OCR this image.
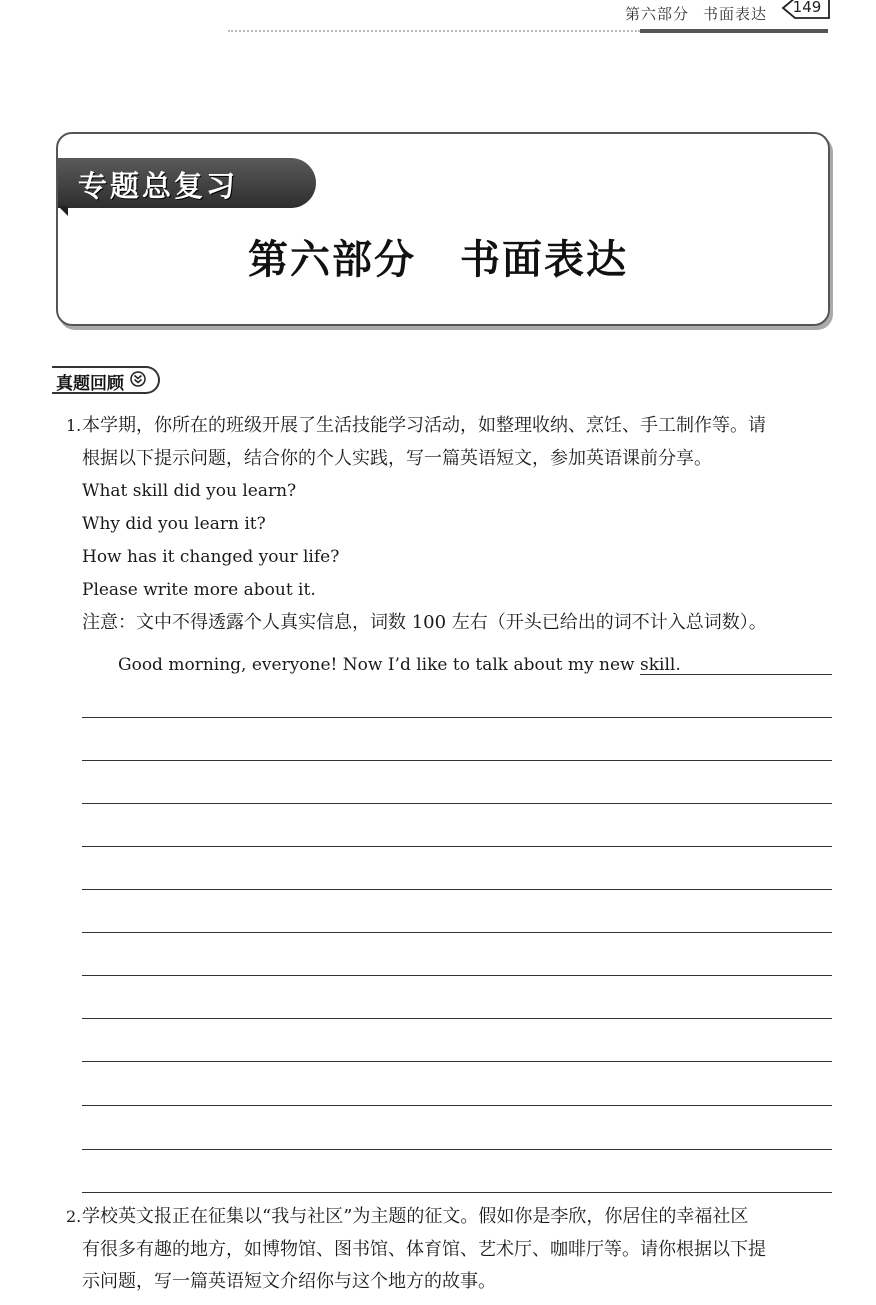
第六部分 书面表达 149
专题总复习
第六部分 书面表达
真题回顾
1. 本学期，你所在的班级开展了生活技能学习活动，如整理收纳、烹饪、手工制作等。请
根据以下提示问题，结合你的个人实践，写一篇英语短文，参加英语课前分享。
What skill did you learn?
Why did you learn it?
How has it changed your life?
Please write more about it.
注意：文中不得透露个人真实信息，词数 100 左右（开头已给出的词不计入总词数）。
Good morning, everyone! Now I’d like to talk about my new skill.
2. 学校英文报正在征集以“我与社区”为主题的征文。假如你是李欣，你居住的幸福社区
有很多有趣的地方，如博物馆、图书馆、体育馆、艺术厅、咖啡厅等。请你根据以下提
示问题，写一篇英语短文介绍你与这个地方的故事。
